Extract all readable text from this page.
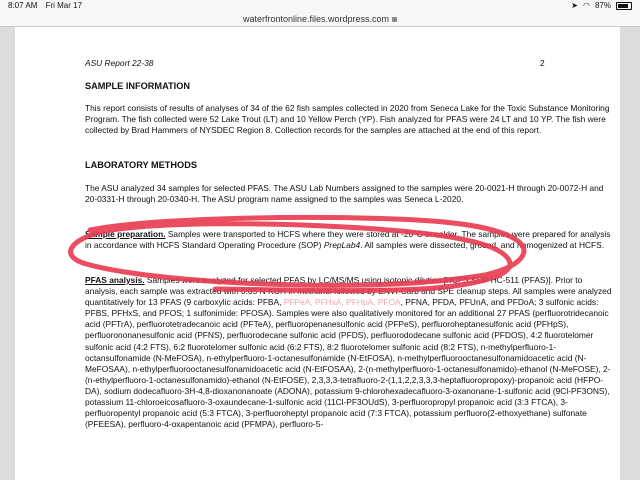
8:07 AM Fri Mar 17	➤ ◠ 87%
waterfrontonline.files.wordpress.com
ASU Report 22-38	2
SAMPLE INFORMATION
This report consists of results of analyses of 34 of the 62 fish samples collected in 2020 from Seneca Lake for the Toxic Substance Monitoring Program. The fish collected were 52 Lake Trout (LT) and 10 Yellow Perch (YP). Fish analyzed for PFAS were 24 LT and 10 YP. The fish were collected by Brad Hammers of NYSDEC Region 8. Collection records for the samples are attached at the end of this report.
LABORATORY METHODS
The ASU analyzed 34 samples for selected PFAS. The ASU Lab Numbers assigned to the samples were 20-0021-H through 20-0072-H and 20-0331-H through 20-0340-H. The ASU program name assigned to the samples was Seneca L-2020.
Sample preparation. Samples were transported to HCFS where they were stored at -20°C or colder. The samples were prepared for analysis in accordance with HCFS Standard Operating Procedure (SOP) PrepLab4. All samples were dissected, ground, and homogenized at HCFS.
PFAS analysis. Samples were analyzed for selected PFAS by LC/MS/MS using isotopic dilution [HCFS SOP HC-511 (PFAS)]. Prior to analysis, each sample was extracted with 0.05 N KOH in methanol followed by ENVI-Carb and SPE cleanup steps. All samples were analyzed quantitatively for 13 PFAS (9 carboxylic acids: PFBA, PFPeA, PFHxA, PFHpA, PFOA, PFNA, PFDA, PFUnA, and PFDoA; 3 sulfonic acids: PFBS, PFHxS, and PFOS; 1 sulfonimide: PFOSA). Samples were also qualitatively monitored for an additional 27 PFAS (perfluorotridecanoic acid (PFTrA), perfluorotetradecanoic acid (PFTeA), perfluoropenanesulfonic acid (PFPeS), perfluoroheptanesulfonic acid (PFHpS), perfluorononanesulfonic acid (PFNS), perfluorodecane sulfonic acid (PFDS), perfluorododecane sulfonic acid (PFDOS), 4:2 fluorotelomer sulfonic acid (4:2 FTS), 6:2 fluorotelomer sulfonic acid (6:2 FTS), 8:2 fluorotelomer sulfonic acid (8:2 FTS), n-methylperfluoro-1-octansulfonamide (N-MeFOSA), n-ethylperfluoro-1-octanesulfonamide (N-EtFOSA), n-methylperfluorooctanesulfonamidoacetic acid (N-MeFOSAA), n-ethylperfluorooctanesulfonamidoacetic acid (N-EtFOSAA), 2-(n-methylperfluoro-1-octanesulfonamido)-ethanol (N-MeFOSE), 2-(n-ethylperfluoro-1-octanesulfonamido)-ethanol (N-EtFOSE), 2,3,3,3-tetrafluoro-2-(1,1,2,2,3,3,3-heptafluoropropoxy)-propanoic acid (HFPO-DA), sodium dodecafluoro-3H-4,8-dioxanonanoate (ADONA), potassium 9-chlorohexadecafluoro-3-oxanonane-1-sulfonic acid (9Cl-PF3ONS), potassium 11-chloroeicosafluoro-3-oxaundecane-1-sulfonic acid (11Cl-PF3OUdS), 3-perfluoropropyl propanoic acid (3:3 FTCA), 3-perfluoropentyl propanoic acid (5:3 FTCA), 3-perfluoroheptyl propanoic acid (7:3 FTCA), potassium perfluoro(2-ethoxyethane) sulfonate (PFEESA), perfluoro-4-oxapentanoic acid (PFMPA), perfluoro-5-
